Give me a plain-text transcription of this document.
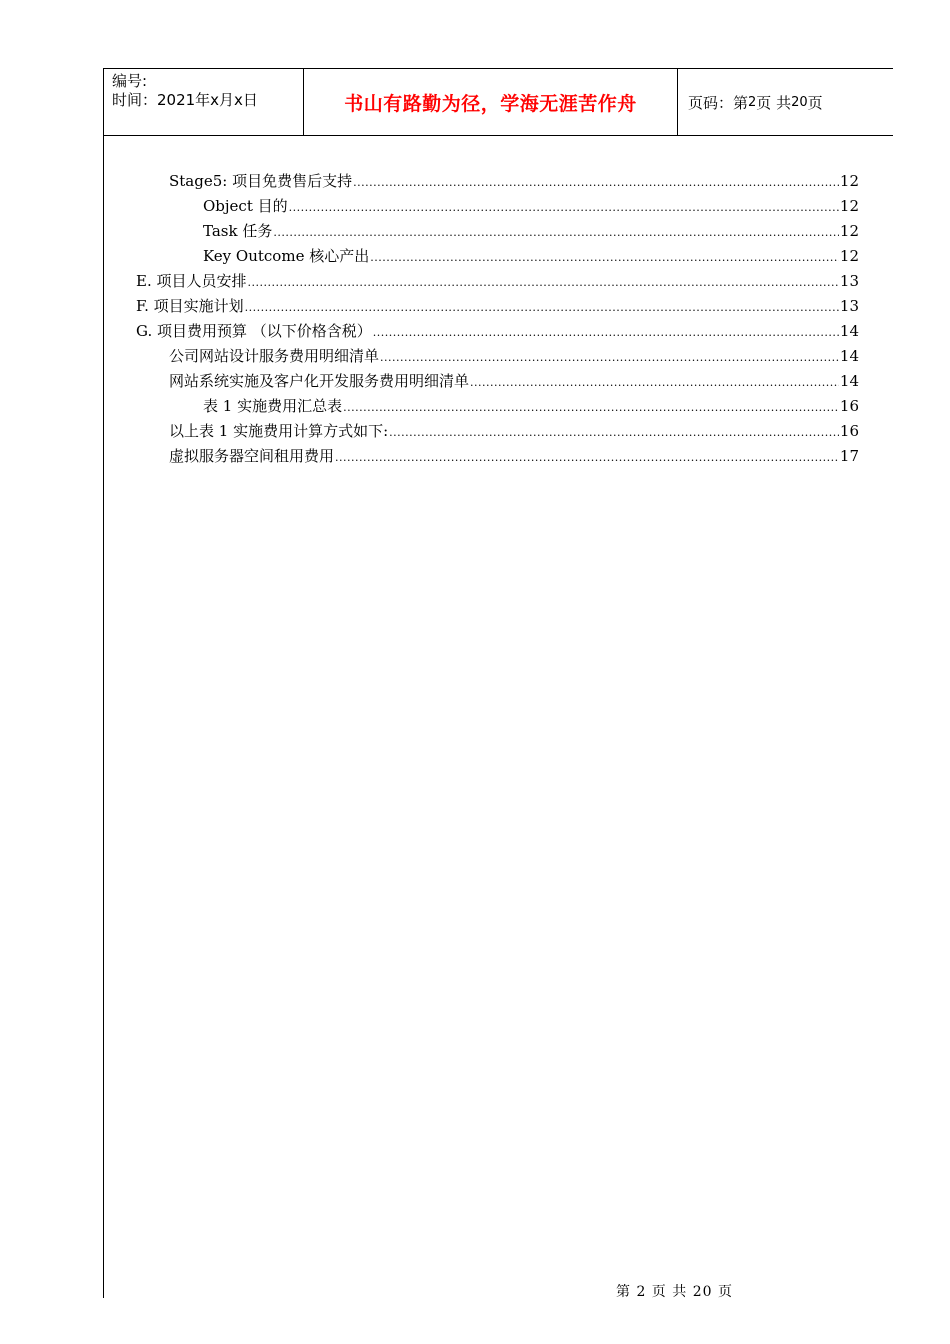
编号:
时间：2021年x月x日	书山有路勤为径，学海无涯苦作舟	页码：第 2 页 共 20 页
Stage5: 项目免费售后支持 .....	12
Object 目的 .....	12
Task 任务 .....	12
Key Outcome 核心产出 .....	12
E. 项目人员安排 .....	13
F. 项目实施计划 .....	13
G. 项目费用预算 （以下价格含税） .....	14
公司网站设计服务费用明细清单 .....	14
网站系统实施及客户化开发服务费用明细清单 .....	14
表 1 实施费用汇总表 .....	16
以上表 1 实施费用计算方式如下: .....	16
虚拟服务器空间租用费用 .....	17
第 2 页 共 20 页
